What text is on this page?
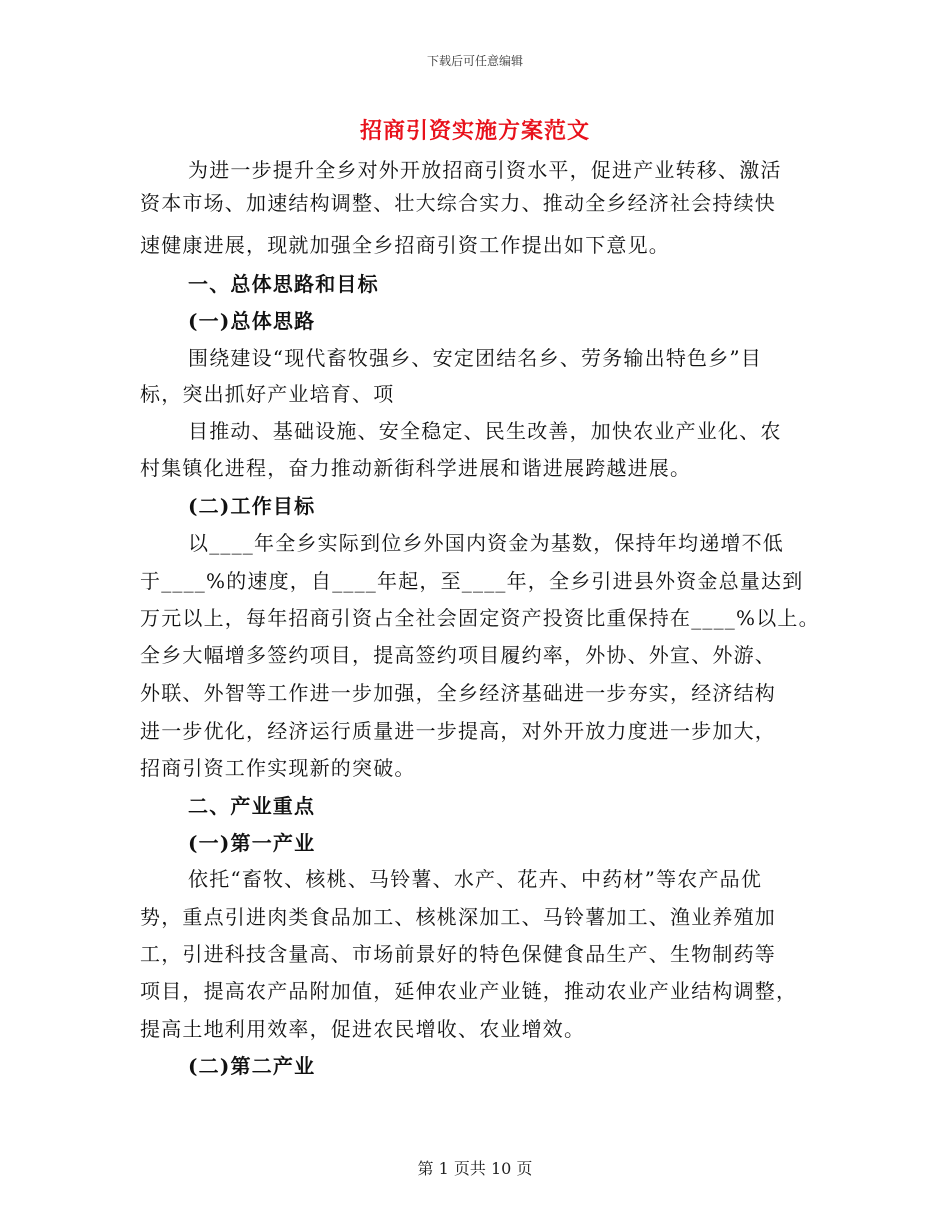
下载后可任意编辑
招商引资实施方案范文
为进一步提升全乡对外开放招商引资水平，促进产业转移、激活
资本市场、加速结构调整、壮大综合实力、推动全乡经济社会持续快
速健康进展，现就加强全乡招商引资工作提出如下意见。
一、总体思路和目标
(一)总体思路
围绕建设“现代畜牧强乡、安定团结名乡、劳务输出特色乡”目
标，突出抓好产业培育、项
目推动、基础设施、安全稳定、民生改善，加快农业产业化、农
村集镇化进程，奋力推动新街科学进展和谐进展跨越进展。
(二)工作目标
以____年全乡实际到位乡外国内资金为基数，保持年均递增不低
于____%的速度，自____年起，至____年，全乡引进县外资金总量达到
万元以上，每年招商引资占全社会固定资产投资比重保持在____%以上。
全乡大幅增多签约项目，提高签约项目履约率，外协、外宣、外游、
外联、外智等工作进一步加强，全乡经济基础进一步夯实，经济结构
进一步优化，经济运行质量进一步提高，对外开放力度进一步加大，
招商引资工作实现新的突破。
二、产业重点
(一)第一产业
依托“畜牧、核桃、马铃薯、水产、花卉、中药材”等农产品优
势，重点引进肉类食品加工、核桃深加工、马铃薯加工、渔业养殖加
工，引进科技含量高、市场前景好的特色保健食品生产、生物制药等
项目，提高农产品附加值，延伸农业产业链，推动农业产业结构调整，
提高土地利用效率，促进农民增收、农业增效。
(二)第二产业
第 1 页共 10 页
